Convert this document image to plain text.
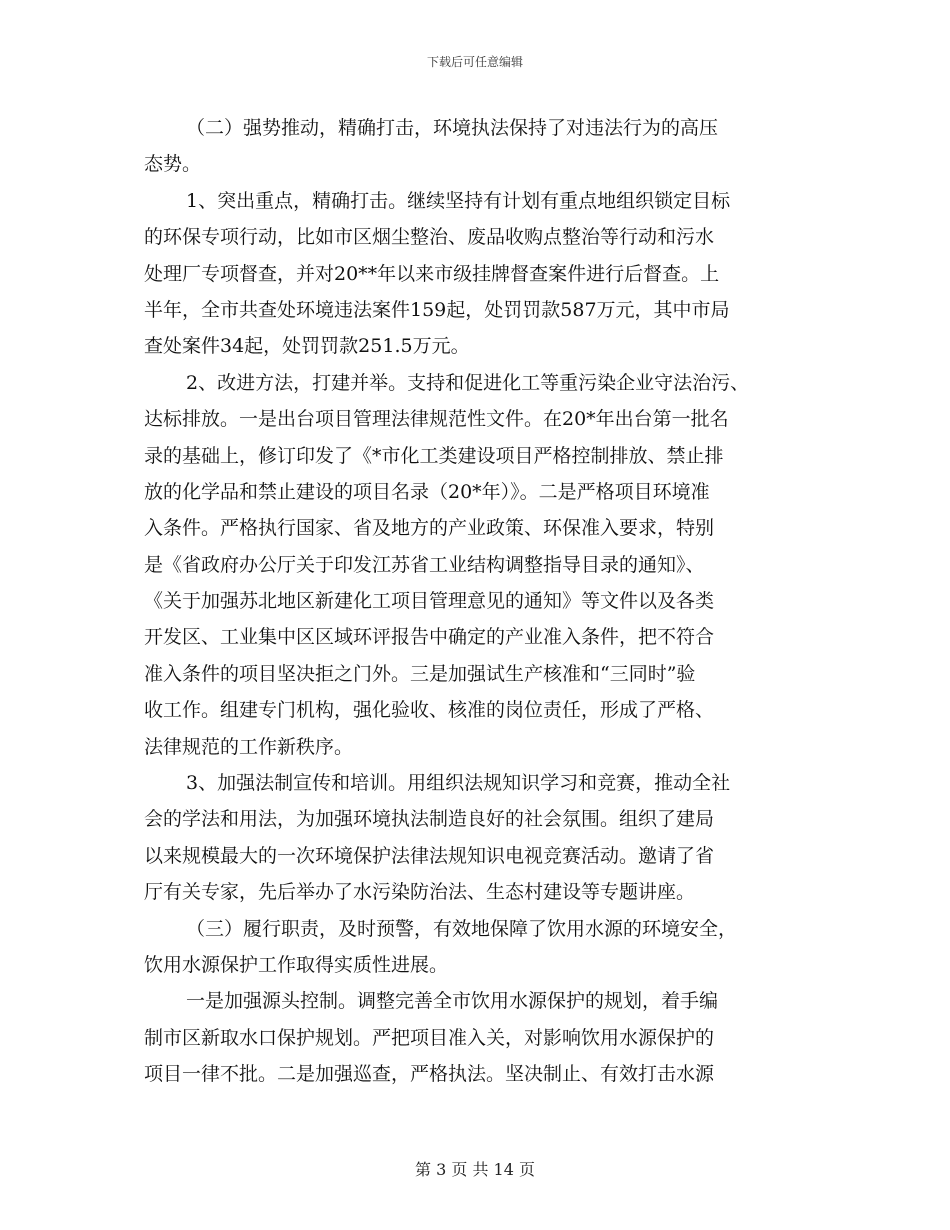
下载后可任意编辑
（二）强势推动，精确打击，环境执法保持了对违法行为的高压
态势。
1、突出重点，精确打击。继续坚持有计划有重点地组织锁定目标
的环保专项行动，比如市区烟尘整治、废品收购点整治等行动和污水
处理厂专项督查，并对20**年以来市级挂牌督查案件进行后督查。上
半年，全市共查处环境违法案件159起，处罚罚款587万元，其中市局
查处案件34起，处罚罚款251.5万元。
2、改进方法，打建并举。支持和促进化工等重污染企业守法治污、
达标排放。一是出台项目管理法律规范性文件。在20*年出台第一批名
录的基础上，修订印发了《*市化工类建设项目严格控制排放、禁止排
放的化学品和禁止建设的项目名录（20*年）》。二是严格项目环境准
入条件。严格执行国家、省及地方的产业政策、环保准入要求，特别
是《省政府办公厅关于印发江苏省工业结构调整指导目录的通知》、
《关于加强苏北地区新建化工项目管理意见的通知》等文件以及各类
开发区、工业集中区区域环评报告中确定的产业准入条件，把不符合
准入条件的项目坚决拒之门外。三是加强试生产核准和“三同时”验
收工作。组建专门机构，强化验收、核准的岗位责任，形成了严格、
法律规范的工作新秩序。
3、加强法制宣传和培训。用组织法规知识学习和竞赛，推动全社
会的学法和用法，为加强环境执法制造良好的社会氛围。组织了建局
以来规模最大的一次环境保护法律法规知识电视竞赛活动。邀请了省
厅有关专家，先后举办了水污染防治法、生态村建设等专题讲座。
（三）履行职责，及时预警，有效地保障了饮用水源的环境安全，
饮用水源保护工作取得实质性进展。
一是加强源头控制。调整完善全市饮用水源保护的规划，着手编
制市区新取水口保护规划。严把项目准入关，对影响饮用水源保护的
项目一律不批。二是加强巡查，严格执法。坚决制止、有效打击水源
第 3 页 共 14 页
